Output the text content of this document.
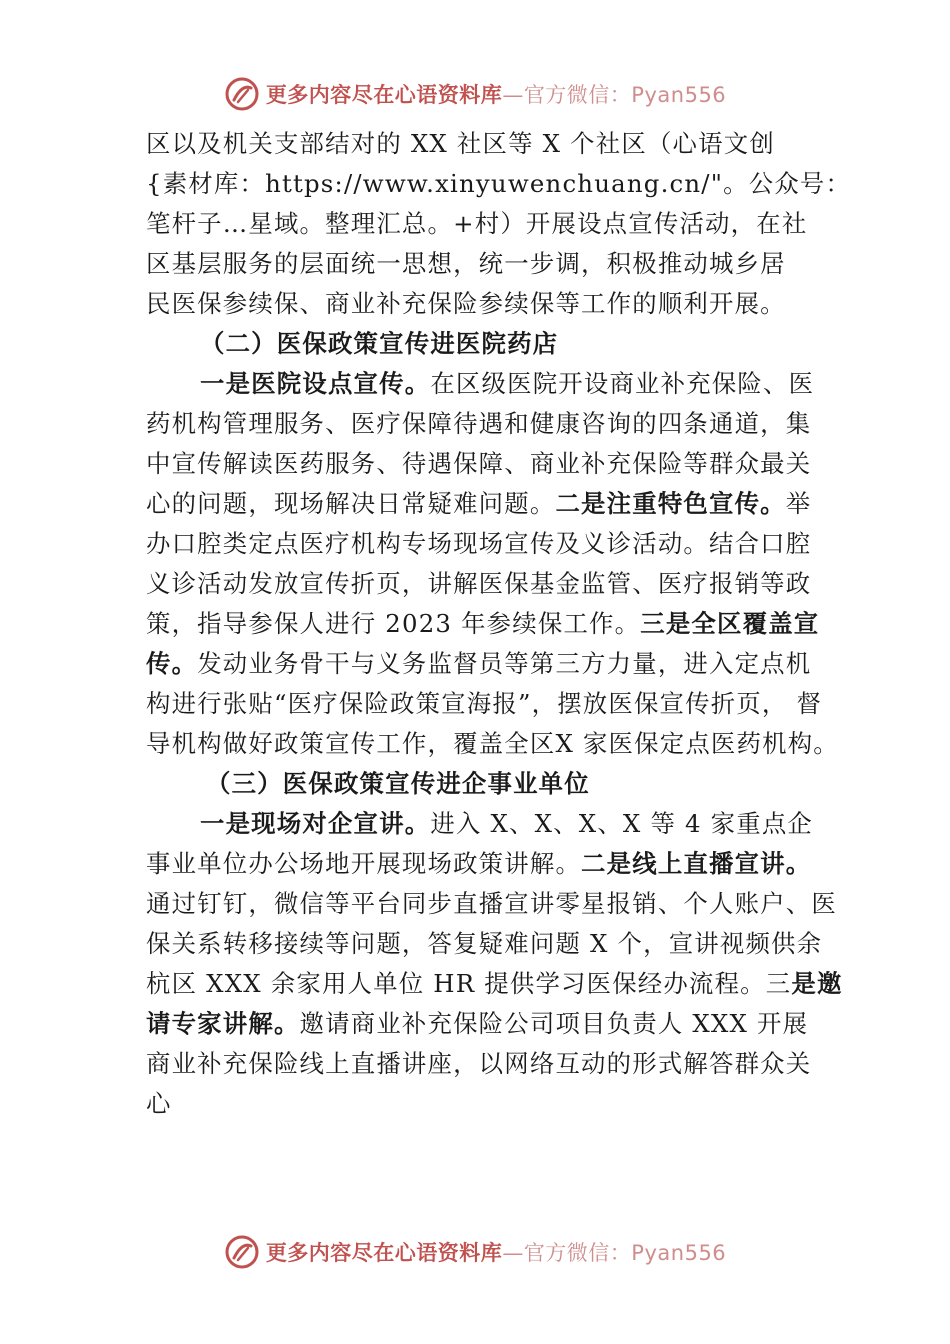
更多内容尽在心语资料库—官方微信：Pyan556
区以及机关支部结对的 XX 社区等 X 个社区（心语文创
{素材库：https://www.xinyuwenchuang.cn/"。公众号：
笔杆子…星域。整理汇总。+村）开展设点宣传活动，在社
区基层服务的层面统一思想，统一步调，积极推动城乡居
民医保参续保、商业补充保险参续保等工作的顺利开展。
（二）医保政策宣传进医院药店
一是医院设点宣传。在区级医院开设商业补充保险、医
药机构管理服务、医疗保障待遇和健康咨询的四条通道，集
中宣传解读医药服务、待遇保障、商业补充保险等群众最关
心的问题，现场解决日常疑难问题。二是注重特色宣传。举
办口腔类定点医疗机构专场现场宣传及义诊活动。结合口腔
义诊活动发放宣传折页，讲解医保基金监管、医疗报销等政
策，指导参保人进行 2023 年参续保工作。三是全区覆盖宣
传。发动业务骨干与义务监督员等第三方力量，进入定点机
构进行张贴“医疗保险政策宣海报”，摆放医保宣传折页， 督
导机构做好政策宣传工作，覆盖全区X 家医保定点医药机构。
（三）医保政策宣传进企事业单位
一是现场对企宣讲。进入 X、X、X、X 等 4 家重点企
事业单位办公场地开展现场政策讲解。二是线上直播宣讲。
通过钉钉，微信等平台同步直播宣讲零星报销、个人账户、医
保关系转移接续等问题，答复疑难问题 X 个，宣讲视频供余
杭区 XXX 余家用人单位 HR 提供学习医保经办流程。三是邀
请专家讲解。邀请商业补充保险公司项目负责人 XXX 开展
商业补充保险线上直播讲座，以网络互动的形式解答群众关
心
更多内容尽在心语资料库—官方微信：Pyan556
